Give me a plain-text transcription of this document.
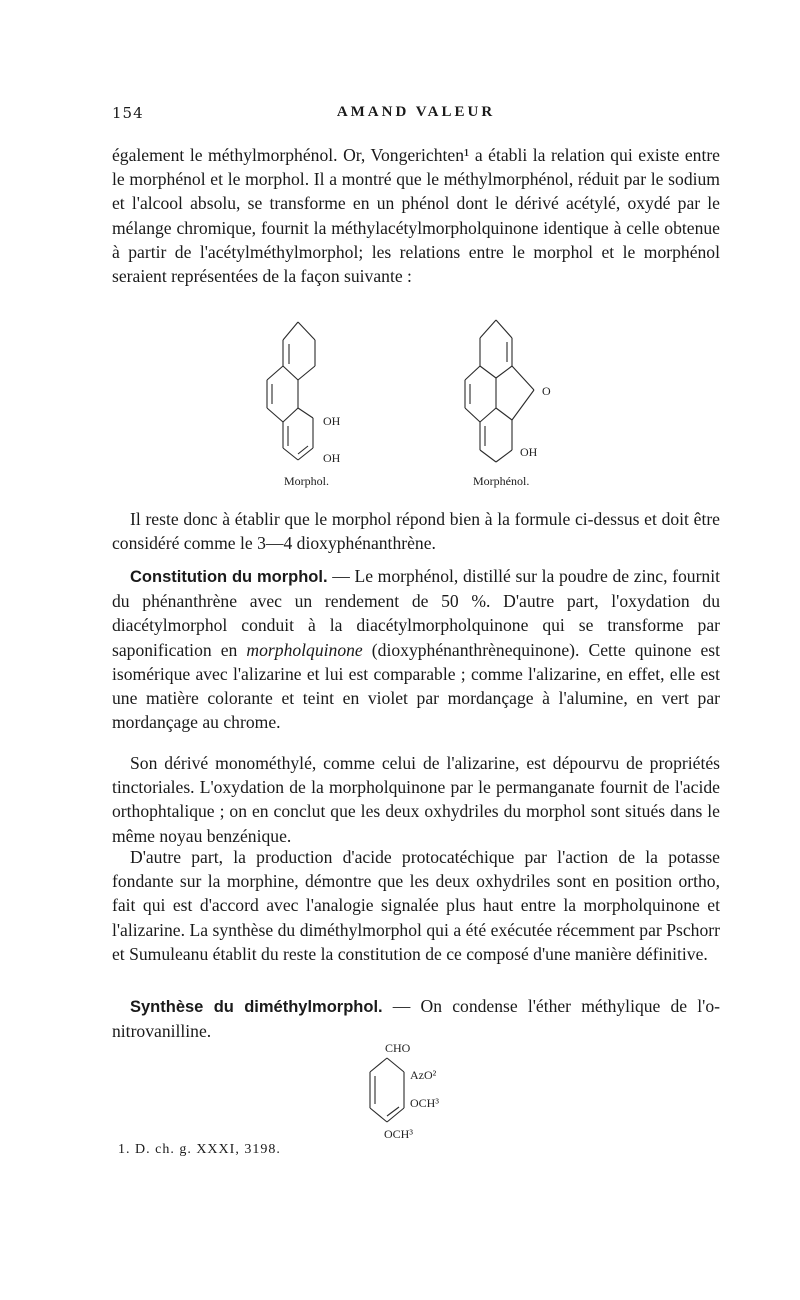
154	AMAND VALEUR

également le méthylmorphénol. Or, Vongerichten¹ a établi la relation qui existe entre le morphénol et le morphol. Il a montré que le méthylmorphénol, réduit par le sodium et l'alcool absolu, se transforme en un phénol dont le dérivé acétylé, oxydé par le mélange chromique, fournit la méthylacétylmorpholquinone identique à celle obtenue à partir de l'acétylméthylmorphol; les relations entre le morphol et le morphénol seraient représentées de la façon suivante :

OH
OH
Morphol.
O
OH
Morphénol.

Il reste donc à établir que le morphol répond bien à la formule ci-dessus et doit être considéré comme le 3—4 dioxyphénanthrène.

Constitution du morphol. — Le morphénol, distillé sur la poudre de zinc, fournit du phénanthrène avec un rendement de 50 %. D'autre part, l'oxydation du diacétylmorphol conduit à la diacétylmorpholquinone qui se transforme par saponification en morpholquinone (dioxyphénanthrènequinone). Cette quinone est isomérique avec l'alizarine et lui est comparable ; comme l'alizarine, en effet, elle est une matière colorante et teint en violet par mordançage à l'alumine, en vert par mordançage au chrome.

Son dérivé monométhylé, comme celui de l'alizarine, est dépourvu de propriétés tinctoriales. L'oxydation de la morpholquinone par le permanganate fournit de l'acide orthophtalique ; on en conclut que les deux oxhydriles du morphol sont situés dans le même noyau benzénique.

D'autre part, la production d'acide protocatéchique par l'action de la potasse fondante sur la morphine, démontre que les deux oxhydriles sont en position ortho, fait qui est d'accord avec l'analogie signalée plus haut entre la morpholquinone et l'alizarine. La synthèse du diméthylmorphol qui a été exécutée récemment par Pschorr et Sumuleanu établit du reste la constitution de ce composé d'une manière définitive.

Synthèse du diméthylmorphol. — On condense l'éther méthylique de l'o-nitrovanilline.

CHO
AzO²
OCH³
OCH³
1. D. ch. g. XXXI, 3198.
